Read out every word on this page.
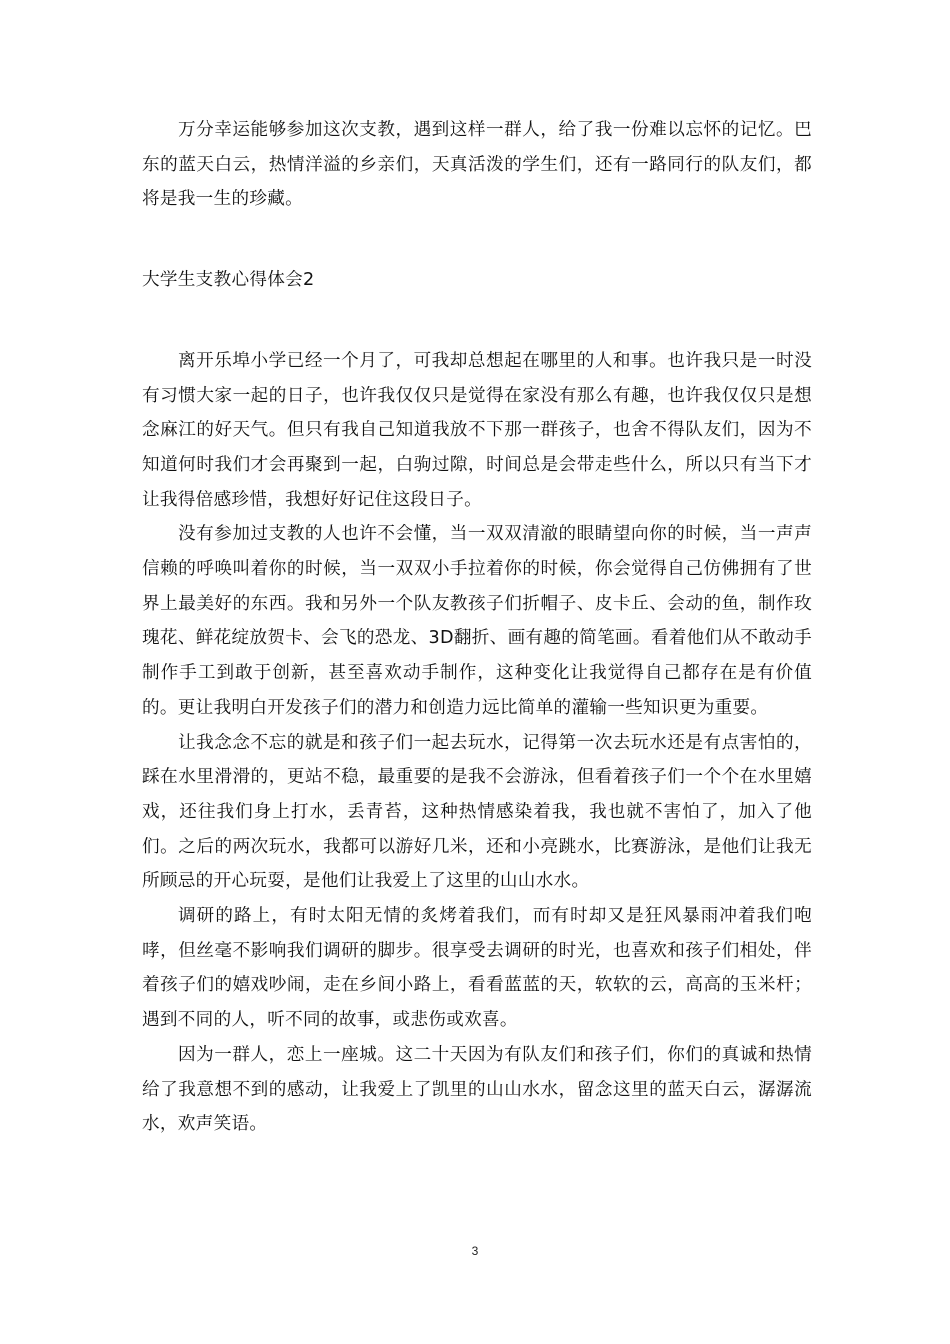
万分幸运能够参加这次支教，遇到这样一群人，给了我一份难以忘怀的记忆。巴东的蓝天白云，热情洋溢的乡亲们，天真活泼的学生们，还有一路同行的队友们，都将是我一生的珍藏。

大学生支教心得体会2

离开乐埠小学已经一个月了，可我却总想起在哪里的人和事。也许我只是一时没有习惯大家一起的日子，也许我仅仅只是觉得在家没有那么有趣，也许我仅仅只是想念麻江的好天气。但只有我自己知道我放不下那一群孩子，也舍不得队友们，因为不知道何时我们才会再聚到一起，白驹过隙，时间总是会带走些什么，所以只有当下才让我得倍感珍惜，我想好好记住这段日子。

没有参加过支教的人也许不会懂，当一双双清澈的眼睛望向你的时候，当一声声信赖的呼唤叫着你的时候，当一双双小手拉着你的时候，你会觉得自己仿佛拥有了世界上最美好的东西。我和另外一个队友教孩子们折帽子、皮卡丘、会动的鱼，制作玫瑰花、鲜花绽放贺卡、会飞的恐龙、3D翻折、画有趣的简笔画。看着他们从不敢动手制作手工到敢于创新，甚至喜欢动手制作，这种变化让我觉得自己都存在是有价值的。更让我明白开发孩子们的潜力和创造力远比简单的灌输一些知识更为重要。

让我念念不忘的就是和孩子们一起去玩水，记得第一次去玩水还是有点害怕的，踩在水里滑滑的，更站不稳，最重要的是我不会游泳，但看着孩子们一个个在水里嬉戏，还往我们身上打水，丢青苔，这种热情感染着我，我也就不害怕了，加入了他们。之后的两次玩水，我都可以游好几米，还和小亮跳水，比赛游泳，是他们让我无所顾忌的开心玩耍，是他们让我爱上了这里的山山水水。

调研的路上，有时太阳无情的炙烤着我们，而有时却又是狂风暴雨冲着我们咆哮，但丝毫不影响我们调研的脚步。很享受去调研的时光，也喜欢和孩子们相处，伴着孩子们的嬉戏吵闹，走在乡间小路上，看看蓝蓝的天，软软的云，高高的玉米杆；遇到不同的人，听不同的故事，或悲伤或欢喜。

因为一群人，恋上一座城。这二十天因为有队友们和孩子们，你们的真诚和热情给了我意想不到的感动，让我爱上了凯里的山山水水，留念这里的蓝天白云，潺潺流水，欢声笑语。

3
